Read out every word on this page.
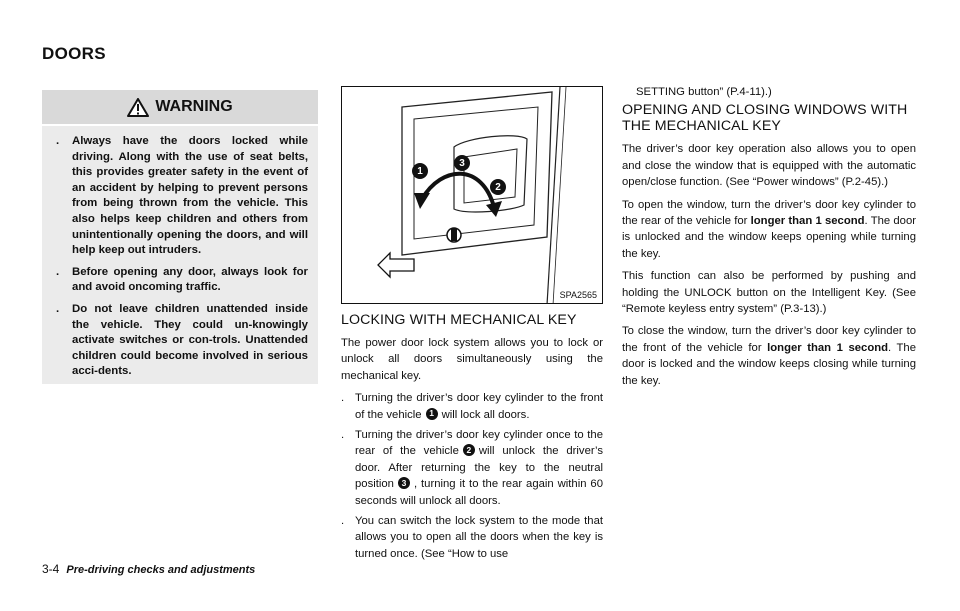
DOORS
WARNING
.	Always have the doors locked while driving. Along with the use of seat belts, this provides greater safety in the event of an accident by helping to prevent persons from being thrown from the vehicle. This also helps keep children and others from unintentionally opening the doors, and will help keep out intruders.
.	Before opening any door, always look for and avoid oncoming traffic.
.	Do not leave children unattended inside the vehicle. They could un-knowingly activate switches or con-trols. Unattended children could become involved in serious acci-dents.
1
2
3
SPA2565
LOCKING WITH MECHANICAL KEY

The power door lock system allows you to lock or unlock all doors simultaneously using the mechanical key.

. Turning the driver’s door key cylinder to the front of the vehicle 1 will lock all doors.
. Turning the driver’s door key cylinder once to the rear of the vehicle 2 will unlock the driver’s door. After returning the key to the neutral position 3 , turning it to the rear again within 60 seconds will unlock all doors.
. You can switch the lock system to the mode that allows you to open all the doors when the key is turned once. (See “How to use
SETTING button” (P.4-11).)
OPENING AND CLOSING WINDOWS WITH THE MECHANICAL KEY

The driver’s door key operation also allows you to open and close the window that is equipped with the automatic open/close function. (See “Power windows” (P.2-45).)

To open the window, turn the driver’s door key cylinder to the rear of the vehicle for longer than 1 second. The door is unlocked and the window keeps opening while turning the key.

This function can also be performed by pushing and holding the UNLOCK button on the Intelligent Key. (See “Remote keyless entry system” (P.3-13).)

To close the window, turn the driver’s door key cylinder to the front of the vehicle for longer than 1 second. The door is locked and the window keeps closing while turning the key.

3-4 Pre-driving checks and adjustments
